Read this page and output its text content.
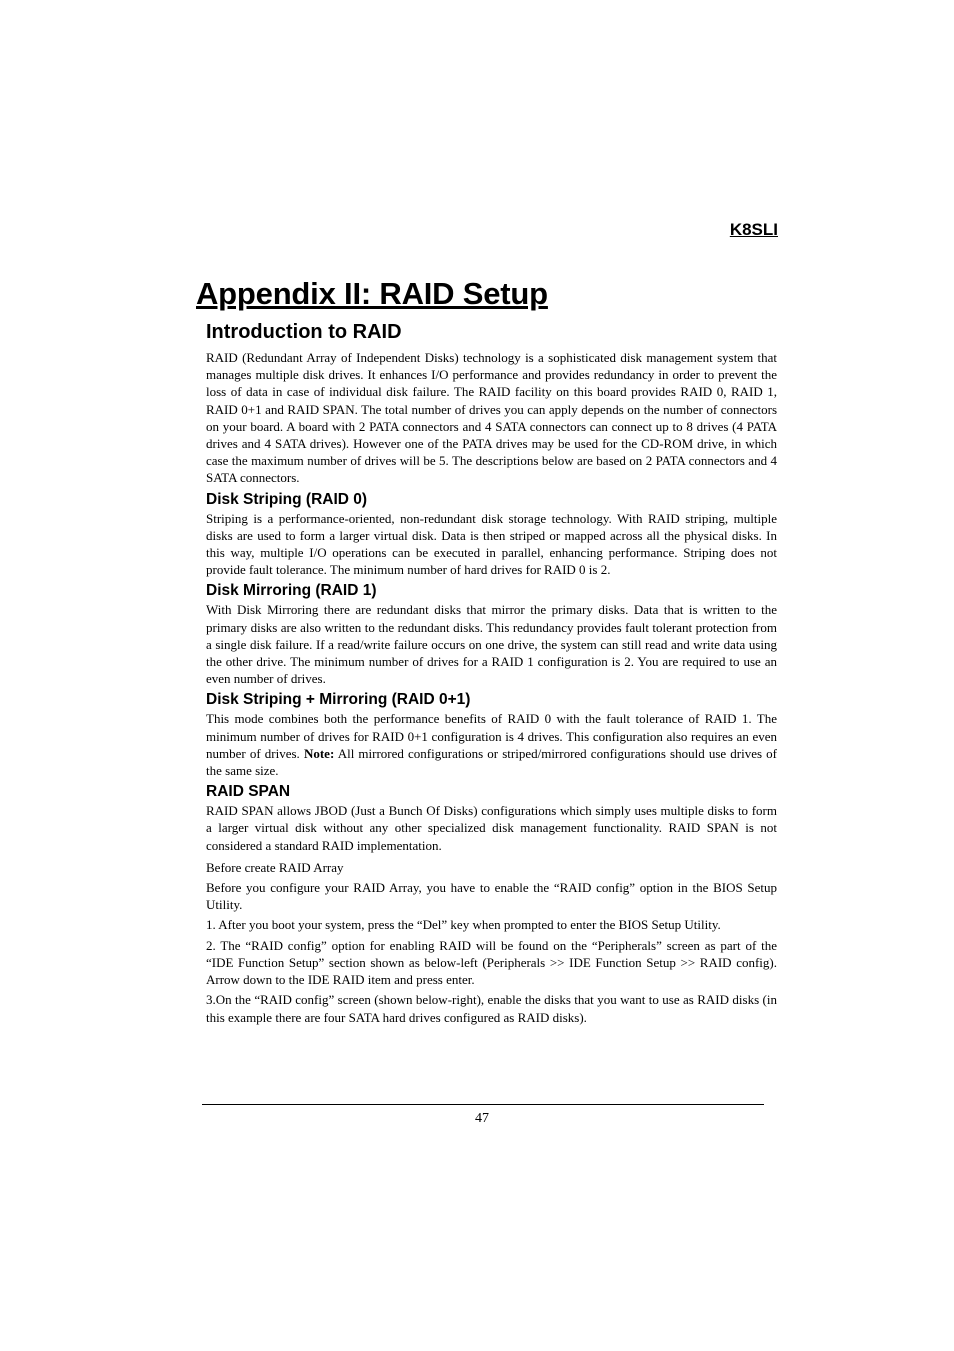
K8SLI
Appendix II: RAID Setup
Introduction to RAID

RAID (Redundant Array of Independent Disks) technology is a sophisticated disk management system that manages multiple disk drives. It enhances I/O performance and provides redundancy in order to prevent the loss of data in case of individual disk failure. The RAID facility on this board provides RAID 0, RAID 1, RAID 0+1 and RAID SPAN. The total number of drives you can apply depends on the number of connectors on your board. A board with 2 PATA connectors and 4 SATA connectors can connect up to 8 drives (4 PATA drives and 4 SATA drives). However one of the PATA drives may be used for the CD-ROM drive, in which case the maximum number of drives will be 5. The descriptions below are based on 2 PATA connectors and 4 SATA connectors.

Disk Striping (RAID 0)

Striping is a performance-oriented, non-redundant disk storage technology. With RAID striping, multiple disks are used to form a larger virtual disk. Data is then striped or mapped across all the physical disks. In this way, multiple I/O operations can be executed in parallel, enhancing performance. Striping does not provide fault tolerance. The minimum number of hard drives for RAID 0 is 2.

Disk Mirroring (RAID 1)

With Disk Mirroring there are redundant disks that mirror the primary disks. Data that is written to the primary disks are also written to the redundant disks. This redundancy provides fault tolerant protection from a single disk failure. If a read/write failure occurs on one drive, the system can still read and write data using the other drive. The minimum number of drives for a RAID 1 configuration is 2. You are required to use an even number of drives.

Disk Striping + Mirroring (RAID 0+1)

This mode combines both the performance benefits of RAID 0 with the fault tolerance of RAID 1. The minimum number of drives for RAID 0+1 configuration is 4 drives. This configuration also requires an even number of drives. Note: All mirrored configurations or striped/mirrored configurations should use drives of the same size.

RAID SPAN

RAID SPAN allows JBOD (Just a Bunch Of Disks) configurations which simply uses multiple disks to form a larger virtual disk without any other specialized disk management functionality. RAID SPAN is not considered a standard RAID implementation.

Before create RAID Array

Before you configure your RAID Array, you have to enable the “RAID config” option in the BIOS Setup Utility.

1. After you boot your system, press the “Del” key when prompted to enter the BIOS Setup Utility.

2. The “RAID config” option for enabling RAID will be found on the “Peripherals” screen as part of the “IDE Function Setup” section shown as below-left (Peripherals >> IDE Function Setup >> RAID config). Arrow down to the IDE RAID item and press enter.

3.On the “RAID config” screen (shown below-right), enable the disks that you want to use as RAID disks (in this example there are four SATA hard drives configured as RAID disks).

47
